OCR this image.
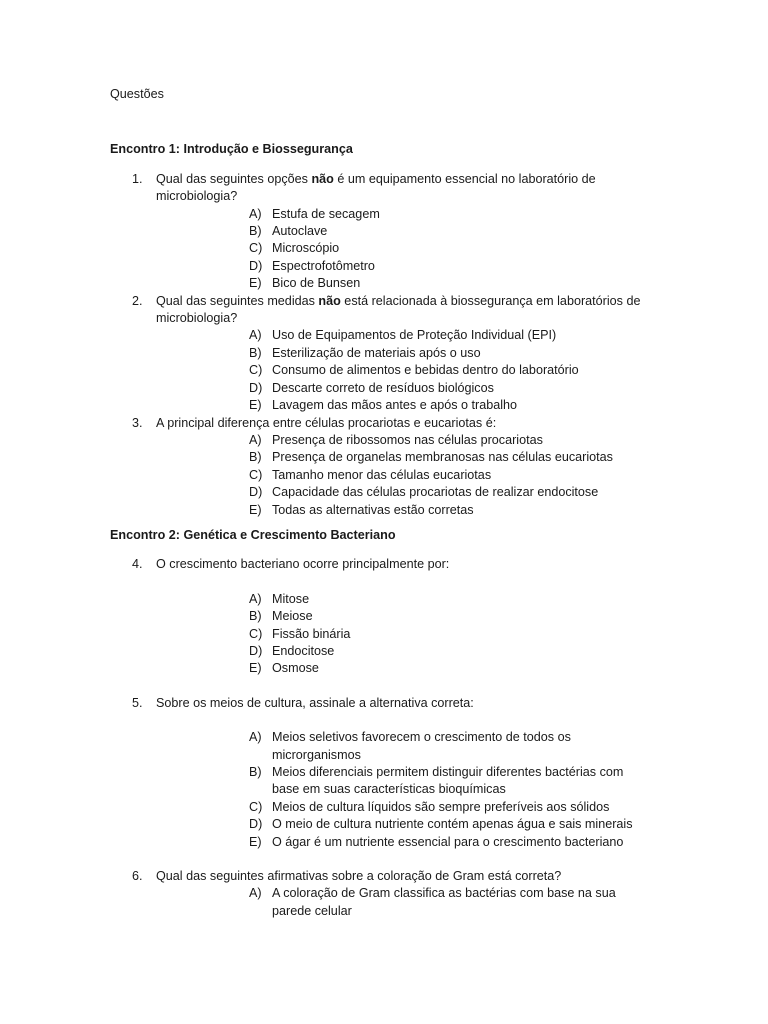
Questões
Encontro 1: Introdução e Biossegurança
1. Qual das seguintes opções não é um equipamento essencial no laboratório de microbiologia?
A) Estufa de secagem
B) Autoclave
C) Microscópio
D) Espectrofotômetro
E) Bico de Bunsen
2. Qual das seguintes medidas não está relacionada à biossegurança em laboratórios de microbiologia?
A) Uso de Equipamentos de Proteção Individual (EPI)
B) Esterilização de materiais após o uso
C) Consumo de alimentos e bebidas dentro do laboratório
D) Descarte correto de resíduos biológicos
E) Lavagem das mãos antes e após o trabalho
3. A principal diferença entre células procariotas e eucariotas é:
A) Presença de ribossomos nas células procariotas
B) Presença de organelas membranosas nas células eucariotas
C) Tamanho menor das células eucariotas
D) Capacidade das células procariotas de realizar endocitose
E) Todas as alternativas estão corretas
Encontro 2: Genética e Crescimento Bacteriano
4. O crescimento bacteriano ocorre principalmente por:
A) Mitose
B) Meiose
C) Fissão binária
D) Endocitose
E) Osmose
5. Sobre os meios de cultura, assinale a alternativa correta:
A) Meios seletivos favorecem o crescimento de todos os microrganismos
B) Meios diferenciais permitem distinguir diferentes bactérias com base em suas características bioquímicas
C) Meios de cultura líquidos são sempre preferíveis aos sólidos
D) O meio de cultura nutriente contém apenas água e sais minerais
E) O ágar é um nutriente essencial para o crescimento bacteriano
6. Qual das seguintes afirmativas sobre a coloração de Gram está correta?
A) A coloração de Gram classifica as bactérias com base na sua parede celular
